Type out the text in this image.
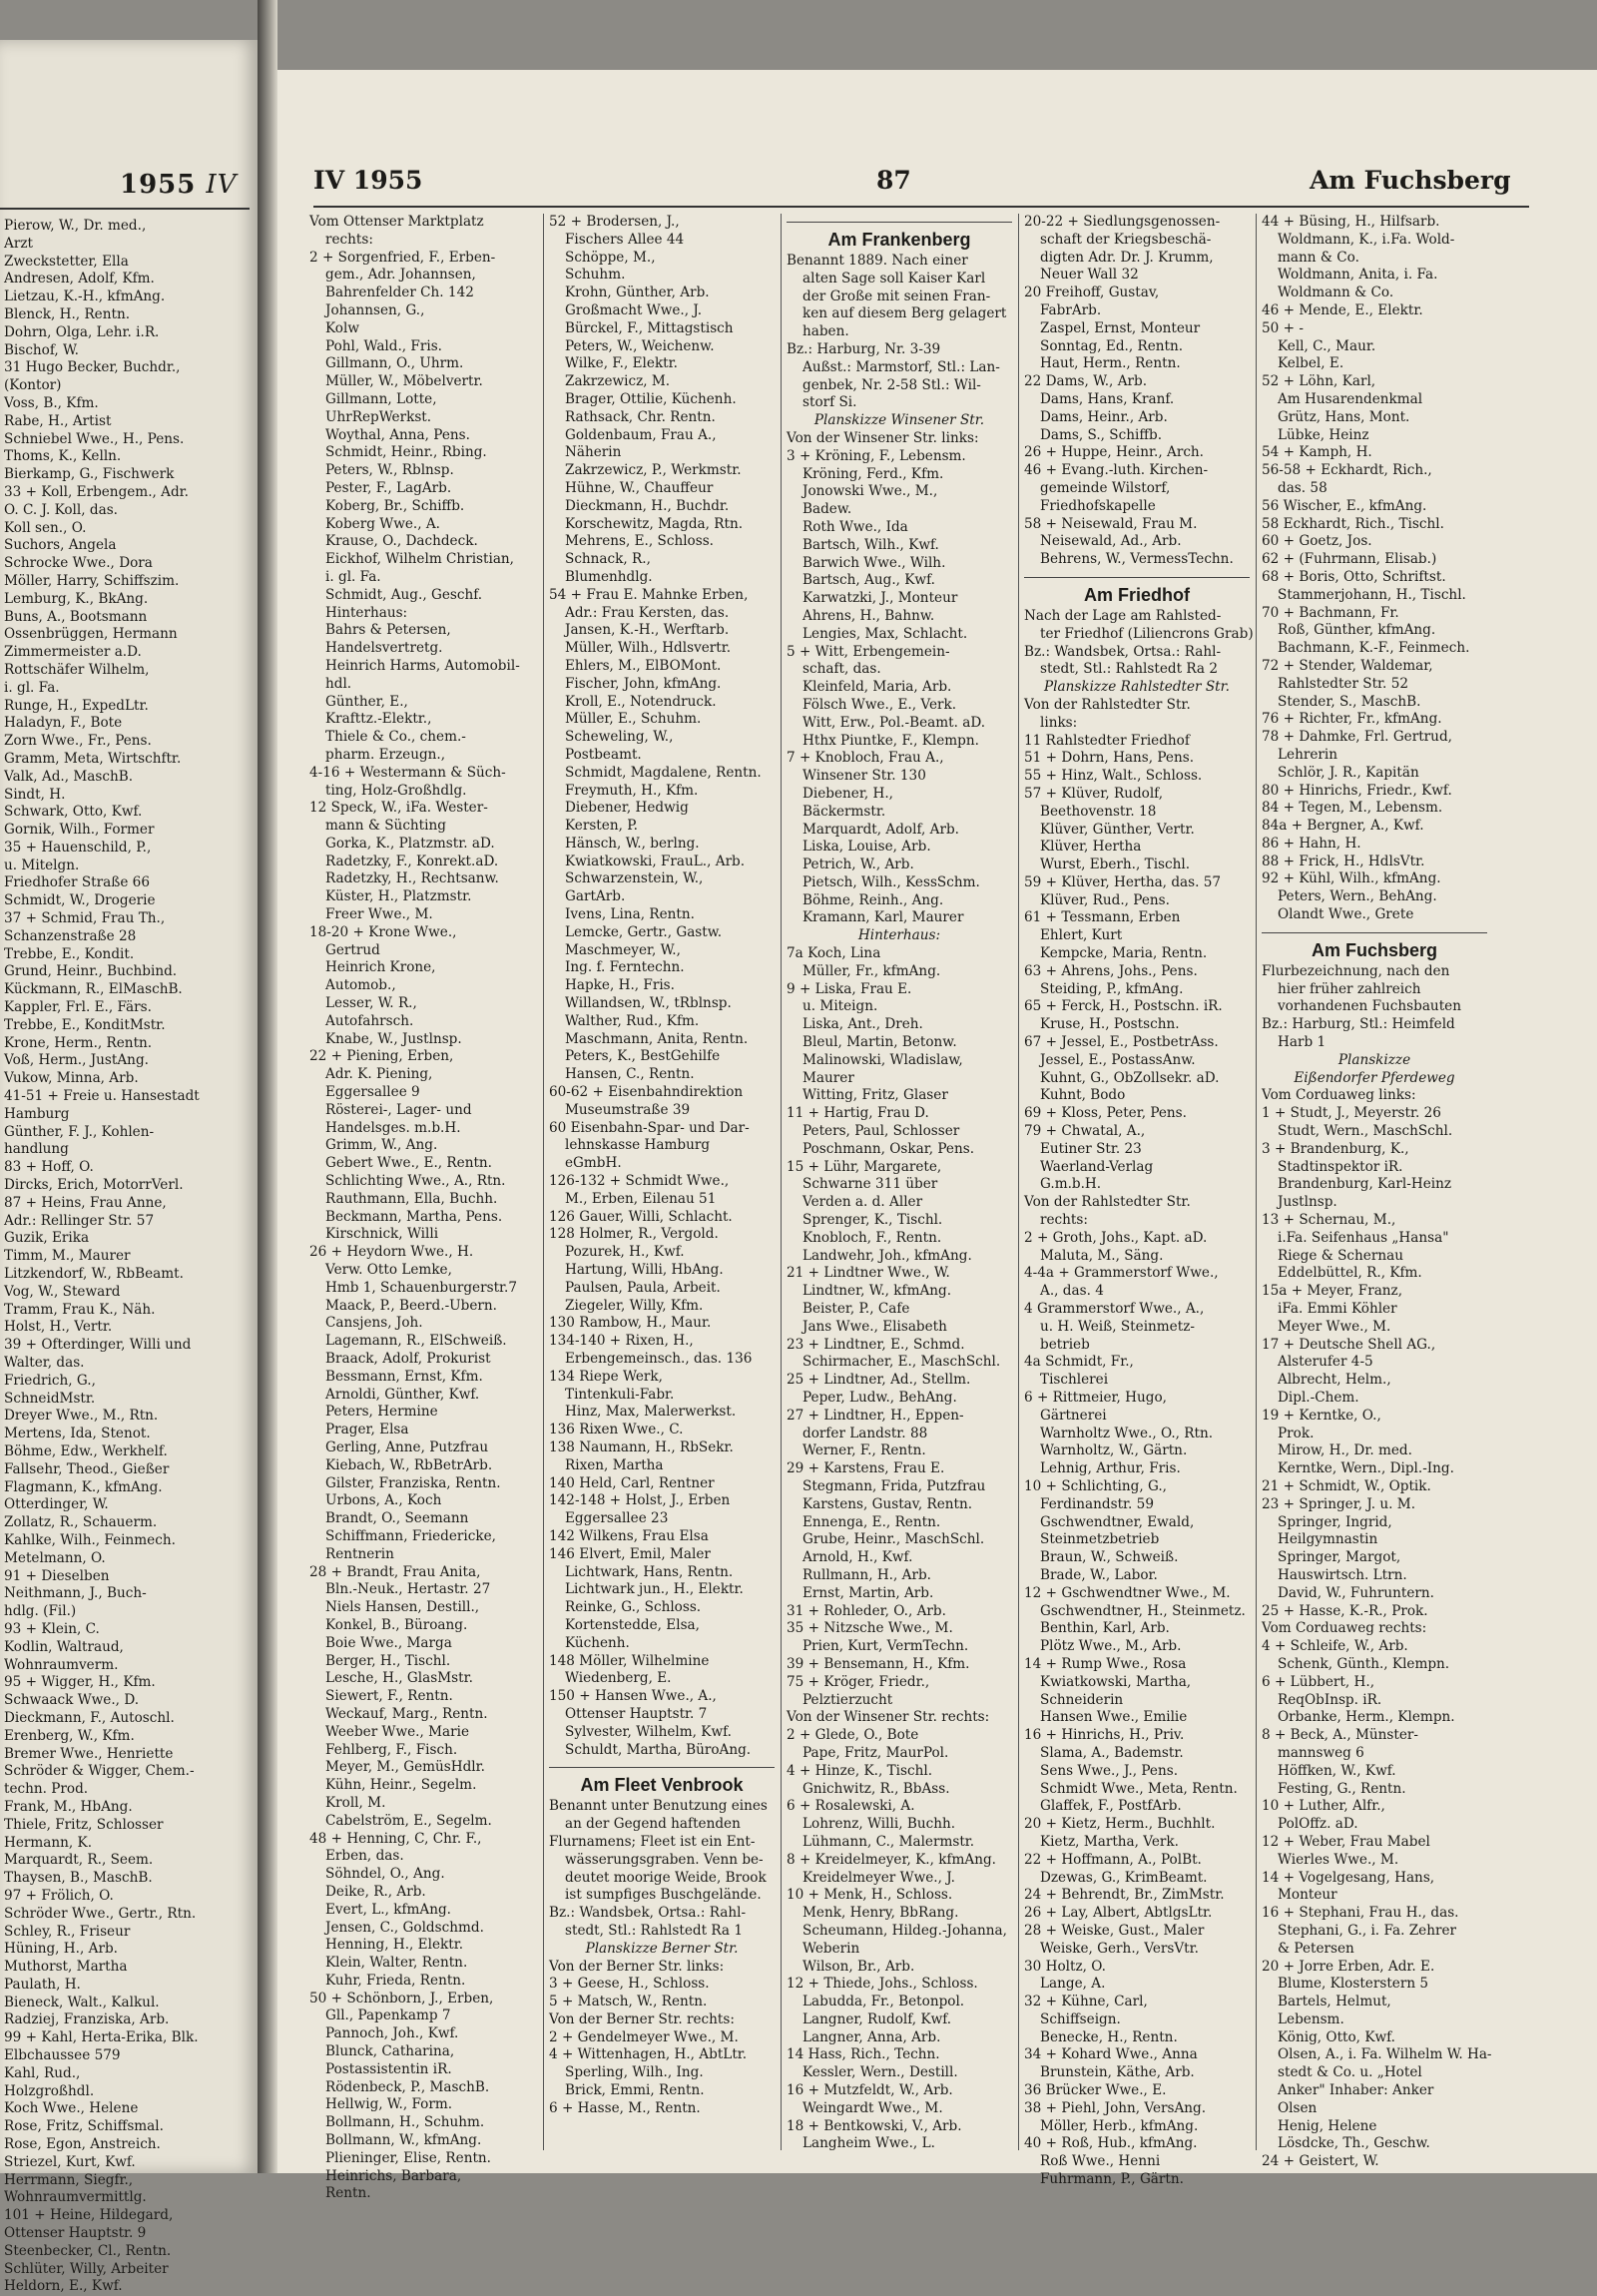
1955 IV
Pierow, W., Dr. med.,
Arzt
Zweckstetter, Ella
Andresen, Adolf, Kfm.
Lietzau, K.-H., kfmAng.
Blenck, H., Rentn.
Dohrn, Olga, Lehr. i.R.
Bischof, W.
31 Hugo Becker, Buchdr.,
(Kontor)
Voss, B., Kfm.
Rabe, H., Artist
Schniebel Wwe., H., Pens.
Thoms, K., Kelln.
Bierkamp, G., Fischwerk
33 + Koll, Erbengem., Adr.
O. C. J. Koll, das.
Koll sen., O.
Suchors, Angela
Schrocke Wwe., Dora
Möller, Harry, Schiffszim.
Lemburg, K., BkAng.
Buns, A., Bootsmann
Ossenbrüggen, Hermann
Zimmermeister a.D.
Rottschäfer Wilhelm,
i. gl. Fa.
Runge, H., ExpedLtr.
Haladyn, F., Bote
Zorn Wwe., Fr., Pens.
Gramm, Meta, Wirtschftr.
Valk, Ad., MaschB.
Sindt, H.
Schwark, Otto, Kwf.
Gornik, Wilh., Former
35 + Hauenschild, P.,
u. Mitelgn.
Friedhofer Straße 66
Schmidt, W., Drogerie
37 + Schmid, Frau Th.,
Schanzenstraße 28
Trebbe, E., Kondit.
Grund, Heinr., Buchbind.
Kückmann, R., ElMaschB.
Kappler, Frl. E., Färs.
Trebbe, E., KonditMstr.
Krone, Herm., Rentn.
Voß, Herm., JustAng.
Vukow, Minna, Arb.
41-51 + Freie u. Hansestadt
Hamburg
Günther, F. J., Kohlen-
handlung
83 + Hoff, O.
Dircks, Erich, MotorrVerl.
87 + Heins, Frau Anne,
Adr.: Rellinger Str. 57
Guzik, Erika
Timm, M., Maurer
Litzkendorf, W., RbBeamt.
Vog, W., Steward
Tramm, Frau K., Näh.
Holst, H., Vertr.
39 + Ofterdinger, Willi und
Walter, das.
Friedrich, G.,
SchneidMstr.
Dreyer Wwe., M., Rtn.
Mertens, Ida, Stenot.
Böhme, Edw., Werkhelf.
Fallsehr, Theod., Gießer
Flagmann, K., kfmAng.
Otterdinger, W.
Zollatz, R., Schauerm.
Kahlke, Wilh., Feinmech.
Metelmann, O.
91 + Dieselben
Neithmann, J., Buch-
hdlg. (Fil.)
93 + Klein, C.
Kodlin, Waltraud,
Wohnraumverm.
95 + Wigger, H., Kfm.
Schwaack Wwe., D.
Dieckmann, F., Autoschl.
Erenberg, W., Kfm.
Bremer Wwe., Henriette
Schröder & Wigger, Chem.-
techn. Prod.
Frank, M., HbAng.
Thiele, Fritz, Schlosser
Hermann, K.
Marquardt, R., Seem.
Thaysen, B., MaschB.
97 + Frölich, O.
Schröder Wwe., Gertr., Rtn.
Schley, R., Friseur
Hüning, H., Arb.
Muthorst, Martha
Paulath, H.
Bieneck, Walt., Kalkul.
Radziej, Franziska, Arb.
99 + Kahl, Herta-Erika, Blk.
Elbchaussee 579
Kahl, Rud.,
Holzgroßhdl.
Koch Wwe., Helene
Rose, Fritz, Schiffsmal.
Rose, Egon, Anstreich.
Striezel, Kurt, Kwf.
Herrmann, Siegfr.,
Wohnraumvermittlg.
101 + Heine, Hildegard,
Ottenser Hauptstr. 9
Steenbecker, Cl., Rentn.
Schlüter, Willy, Arbeiter
Heldorn, E., Kwf.
IV 1955	87	Am Fuchsberg
Vom Ottenser Marktplatz
rechts:
2 + Sorgenfried, F., Erben-
gem., Adr. Johannsen,
Bahrenfelder Ch. 142
Johannsen, G.,
Kolw
Pohl, Wald., Fris.
Gillmann, O., Uhrm.
Müller, W., Möbelvertr.
Gillmann, Lotte,
UhrRepWerkst.
Woythal, Anna, Pens.
Schmidt, Heinr., Rbing.
Peters, W., Rblnsp.
Pester, F., LagArb.
Koberg, Br., Schiffb.
Koberg Wwe., A.
Krause, O., Dachdeck.
Eickhof, Wilhelm Christian,
i. gl. Fa.
Schmidt, Aug., Geschf.
Hinterhaus:
Bahrs & Petersen,
Handelsvertretg.
Heinrich Harms, Automobil-
hdl.
Günther, E.,
Krafttz.-Elektr.,
Thiele & Co., chem.-
pharm. Erzeugn.,
4-16 + Westermann & Süch-
ting, Holz-Großhdlg.
12 Speck, W., iFa. Wester-
mann & Süchting
Gorka, K., Platzmstr. aD.
Radetzky, F., Konrekt.aD.
Radetzky, H., Rechtsanw.
Küster, H., Platzmstr.
Freer Wwe., M.
18-20 + Krone Wwe.,
Gertrud
Heinrich Krone,
Automob.,
Lesser, W. R.,
Autofahrsch.
Knabe, W., Justlnsp.
22 + Piening, Erben,
Adr. K. Piening,
Eggersallee 9
Rösterei-, Lager- und
Handelsges. m.b.H.
Grimm, W., Ang.
Gebert Wwe., E., Rentn.
Schlichting Wwe., A., Rtn.
Rauthmann, Ella, Buchh.
Beckmann, Martha, Pens.
Kirschnick, Willi
26 + Heydorn Wwe., H.
Verw. Otto Lemke,
Hmb 1, Schauenburgerstr.7
Maack, P., Beerd.-Ubern.
Cansjens, Joh.
Lagemann, R., ElSchweiß.
Braack, Adolf, Prokurist
Bessmann, Ernst, Kfm.
Arnoldi, Günther, Kwf.
Peters, Hermine
Prager, Elsa
Gerling, Anne, Putzfrau
Kiebach, W., RbBetrArb.
Gilster, Franziska, Rentn.
Urbons, A., Koch
Brandt, O., Seemann
Schiffmann, Friedericke,
Rentnerin
28 + Brandt, Frau Anita,
Bln.-Neuk., Hertastr. 27
Niels Hansen, Destill.,
Konkel, B., Büroang.
Boie Wwe., Marga
Berger, H., Tischl.
Lesche, H., GlasMstr.
Siewert, F., Rentn.
Weckauf, Marg., Rentn.
Weeber Wwe., Marie
Fehlberg, F., Fisch.
Meyer, M., GemüsHdlr.
Kühn, Heinr., Segelm.
Kroll, M.
Cabelström, E., Segelm.
48 + Henning, C, Chr. F.,
Erben, das.
Söhndel, O., Ang.
Deike, R., Arb.
Evert, L., kfmAng.
Jensen, C., Goldschmd.
Henning, H., Elektr.
Klein, Walter, Rentn.
Kuhr, Frieda, Rentn.
50 + Schönborn, J., Erben,
Gll., Papenkamp 7
Pannoch, Joh., Kwf.
Blunck, Catharina,
Postassistentin iR.
Rödenbeck, P., MaschB.
Hellwig, W., Form.
Bollmann, H., Schuhm.
Bollmann, W., kfmAng.
Plieninger, Elise, Rentn.
Heinrichs, Barbara,
Rentn.
52 + Brodersen, J.,
Fischers Allee 44
Schöppe, M.,
Schuhm.
Krohn, Günther, Arb.
Großmacht Wwe., J.
Bürckel, F., Mittagstisch
Peters, W., Weichenw.
Wilke, F., Elektr.
Zakrzewicz, M.
Brager, Ottilie, Küchenh.
Rathsack, Chr. Rentn.
Goldenbaum, Frau A.,
Näherin
Zakrzewicz, P., Werkmstr.
Hühne, W., Chauffeur
Dieckmann, H., Buchdr.
Korschewitz, Magda, Rtn.
Mehrens, E., Schloss.
Schnack, R.,
Blumenhdlg.
54 + Frau E. Mahnke Erben,
Adr.: Frau Kersten, das.
Jansen, K.-H., Werftarb.
Müller, Wilh., Hdlsvertr.
Ehlers, M., ElBOMont.
Fischer, John, kfmAng.
Kroll, E., Notendruck.
Müller, E., Schuhm.
Scheweling, W.,
Postbeamt.
Schmidt, Magdalene, Rentn.
Freymuth, H., Kfm.
Diebener, Hedwig
Kersten, P.
Hänsch, W., berlng.
Kwiatkowski, FrauL., Arb.
Schwarzenstein, W.,
GartArb.
Ivens, Lina, Rentn.
Lemcke, Gertr., Gastw.
Maschmeyer, W.,
Ing. f. Ferntechn.
Hapke, H., Fris.
Willandsen, W., tRblnsp.
Walther, Rud., Kfm.
Maschmann, Anita, Rentn.
Peters, K., BestGehilfe
Hansen, C., Rentn.
60-62 + Eisenbahndirektion
Museumstraße 39
60 Eisenbahn-Spar- und Dar-
lehnskasse Hamburg
eGmbH.
126-132 + Schmidt Wwe.,
M., Erben, Eilenau 51
126 Gauer, Willi, Schlacht.
128 Holmer, R., Vergold.
Pozurek, H., Kwf.
Hartung, Willi, HbAng.
Paulsen, Paula, Arbeit.
Ziegeler, Willy, Kfm.
130 Rambow, H., Maur.
134-140 + Rixen, H.,
Erbengemeinsch., das. 136
134 Riepe Werk,
Tintenkuli-Fabr.
Hinz, Max, Malerwerkst.
136 Rixen Wwe., C.
138 Naumann, H., RbSekr.
Rixen, Martha
140 Held, Carl, Rentner
142-148 + Holst, J., Erben
Eggersallee 23
142 Wilkens, Frau Elsa
146 Elvert, Emil, Maler
Lichtwark, Hans, Rentn.
Lichtwark jun., H., Elektr.
Reinke, G., Schloss.
Kortenstedde, Elsa,
Küchenh.
148 Möller, Wilhelmine
Wiedenberg, E.
150 + Hansen Wwe., A.,
Ottenser Hauptstr. 7
Sylvester, Wilhelm, Kwf.
Schuldt, Martha, BüroAng.
Am Fleet Venbrook
Benannt unter Benutzung eines
an der Gegend haftenden
Flurnamens; Fleet ist ein Ent-
wässerungsgraben. Venn be-
deutet moorige Weide, Brook
ist sumpfiges Buschgelände.
Bz.: Wandsbek, Ortsa.: Rahl-
stedt, Stl.: Rahlstedt Ra 1
Planskizze Berner Str.
Von der Berner Str. links:
3 + Geese, H., Schloss.
5 + Matsch, W., Rentn.
Von der Berner Str. rechts:
2 + Gendelmeyer Wwe., M.
4 + Wittenhagen, H., AbtLtr.
Sperling, Wilh., Ing.
Brick, Emmi, Rentn.
6 + Hasse, M., Rentn.
Am Frankenberg
Benannt 1889. Nach einer
alten Sage soll Kaiser Karl
der Große mit seinen Fran-
ken auf diesem Berg gelagert
haben.
Bz.: Harburg, Nr. 3-39
Außst.: Marmstorf, Stl.: Lan-
genbek, Nr. 2-58 Stl.: Wil-
storf Si.
Planskizze Winsener Str.
Von der Winsener Str. links:
3 + Kröning, F., Lebensm.
Kröning, Ferd., Kfm.
Jonowski Wwe., M.,
Badew.
Roth Wwe., Ida
Bartsch, Wilh., Kwf.
Barwich Wwe., Wilh.
Bartsch, Aug., Kwf.
Karwatzki, J., Monteur
Ahrens, H., Bahnw.
Lengies, Max, Schlacht.
5 + Witt, Erbengemein-
schaft, das.
Kleinfeld, Maria, Arb.
Fölsch Wwe., E., Verk.
Witt, Erw., Pol.-Beamt. aD.
Hthx Piuntke, F., Klempn.
7 + Knobloch, Frau A.,
Winsener Str. 130
Diebener, H.,
Bäckermstr.
Marquardt, Adolf, Arb.
Liska, Louise, Arb.
Petrich, W., Arb.
Pietsch, Wilh., KessSchm.
Böhme, Reinh., Ang.
Kramann, Karl, Maurer
Hinterhaus:
7a Koch, Lina
Müller, Fr., kfmAng.
9 + Liska, Frau E.
u. Miteign.
Liska, Ant., Dreh.
Bleul, Martin, Betonw.
Malinowski, Wladislaw,
Maurer
Witting, Fritz, Glaser
11 + Hartig, Frau D.
Peters, Paul, Schlosser
Poschmann, Oskar, Pens.
15 + Lühr, Margarete,
Schwarne 311 über
Verden a. d. Aller
Sprenger, K., Tischl.
Knobloch, F., Rentn.
Landwehr, Joh., kfmAng.
21 + Lindtner Wwe., W.
Lindtner, W., kfmAng.
Beister, P., Cafe
Jans Wwe., Elisabeth
23 + Lindtner, E., Schmd.
Schirmacher, E., MaschSchl.
25 + Lindtner, Ad., Stellm.
Peper, Ludw., BehAng.
27 + Lindtner, H., Eppen-
dorfer Landstr. 88
Werner, F., Rentn.
29 + Karstens, Frau E.
Stegmann, Frida, Putzfrau
Karstens, Gustav, Rentn.
Ennenga, E., Rentn.
Grube, Heinr., MaschSchl.
Arnold, H., Kwf.
Rullmann, H., Arb.
Ernst, Martin, Arb.
31 + Rohleder, O., Arb.
35 + Nitzsche Wwe., M.
Prien, Kurt, VermTechn.
39 + Bensemann, H., Kfm.
75 + Kröger, Friedr.,
Pelztierzucht
Von der Winsener Str. rechts:
2 + Glede, O., Bote
Pape, Fritz, MaurPol.
4 + Hinze, K., Tischl.
Gnichwitz, R., BbAss.
6 + Rosalewski, A.
Lohrenz, Willi, Buchh.
Lühmann, C., Malermstr.
8 + Kreidelmeyer, K., kfmAng.
Kreidelmeyer Wwe., J.
10 + Menk, H., Schloss.
Menk, Henry, BbRang.
Scheumann, Hildeg.-Johanna,
Weberin
Wilson, Br., Arb.
12 + Thiede, Johs., Schloss.
Labudda, Fr., Betonpol.
Langner, Rudolf, Kwf.
Langner, Anna, Arb.
14 Hass, Rich., Techn.
Kessler, Wern., Destill.
16 + Mutzfeldt, W., Arb.
Weingardt Wwe., M.
18 + Bentkowski, V., Arb.
Langheim Wwe., L.
20-22 + Siedlungsgenossen-
schaft der Kriegsbeschä-
digten Adr. Dr. J. Krumm,
Neuer Wall 32
20 Freihoff, Gustav,
FabrArb.
Zaspel, Ernst, Monteur
Sonntag, Ed., Rentn.
Haut, Herm., Rentn.
22 Dams, W., Arb.
Dams, Hans, Kranf.
Dams, Heinr., Arb.
Dams, S., Schiffb.
26 + Huppe, Heinr., Arch.
46 + Evang.-luth. Kirchen-
gemeinde Wilstorf,
Friedhofskapelle
58 + Neisewald, Frau M.
Neisewald, Ad., Arb.
Behrens, W., VermessTechn.
Am Friedhof
Nach der Lage am Rahlsted-
ter Friedhof (Liliencrons Grab)
Bz.: Wandsbek, Ortsa.: Rahl-
stedt, Stl.: Rahlstedt Ra 2
Planskizze Rahlstedter Str.
Von der Rahlstedter Str.
links:
11 Rahlstedter Friedhof
51 + Dohrn, Hans, Pens.
55 + Hinz, Walt., Schloss.
57 + Klüver, Rudolf,
Beethovenstr. 18
Klüver, Günther, Vertr.
Klüver, Hertha
Wurst, Eberh., Tischl.
59 + Klüver, Hertha, das. 57
Klüver, Rud., Pens.
61 + Tessmann, Erben
Ehlert, Kurt
Kempcke, Maria, Rentn.
63 + Ahrens, Johs., Pens.
Steiding, P., kfmAng.
65 + Ferck, H., Postschn. iR.
Kruse, H., Postschn.
67 + Jessel, E., PostbetrAss.
Jessel, E., PostassAnw.
Kuhnt, G., ObZollsekr. aD.
Kuhnt, Bodo
69 + Kloss, Peter, Pens.
79 + Chwatal, A.,
Eutiner Str. 23
Waerland-Verlag
G.m.b.H.
Von der Rahlstedter Str.
rechts:
2 + Groth, Johs., Kapt. aD.
Maluta, M., Säng.
4-4a + Grammerstorf Wwe.,
A., das. 4
4 Grammerstorf Wwe., A.,
u. H. Weiß, Steinmetz-
betrieb
4a Schmidt, Fr.,
Tischlerei
6 + Rittmeier, Hugo,
Gärtnerei
Warnholtz Wwe., O., Rtn.
Warnholtz, W., Gärtn.
Lehnig, Arthur, Fris.
10 + Schlichting, G.,
Ferdinandstr. 59
Gschwendtner, Ewald,
Steinmetzbetrieb
Braun, W., Schweiß.
Brade, W., Labor.
12 + Gschwendtner Wwe., M.
Gschwendtner, H., Steinmetz.
Benthin, Karl, Arb.
Plötz Wwe., M., Arb.
14 + Rump Wwe., Rosa
Kwiatkowski, Martha,
Schneiderin
Hansen Wwe., Emilie
16 + Hinrichs, H., Priv.
Slama, A., Bademstr.
Sens Wwe., J., Pens.
Schmidt Wwe., Meta, Rentn.
Glaffek, F., PostfArb.
20 + Kietz, Herm., Buchhlt.
Kietz, Martha, Verk.
22 + Hoffmann, A., PolBt.
Dzewas, G., KrimBeamt.
24 + Behrendt, Br., ZimMstr.
26 + Lay, Albert, AbtlgsLtr.
28 + Weiske, Gust., Maler
Weiske, Gerh., VersVtr.
30 Holtz, O.
Lange, A.
32 + Kühne, Carl,
Schiffseign.
Benecke, H., Rentn.
34 + Kohard Wwe., Anna
Brunstein, Käthe, Arb.
36 Brücker Wwe., E.
38 + Piehl, John, VersAng.
Möller, Herb., kfmAng.
40 + Roß, Hub., kfmAng.
Roß Wwe., Henni
Fuhrmann, P., Gärtn.
44 + Büsing, H., Hilfsarb.
Woldmann, K., i.Fa. Wold-
mann & Co.
Woldmann, Anita, i. Fa.
Woldmann & Co.
46 + Mende, E., Elektr.
50 + -
Kell, C., Maur.
Kelbel, E.
52 + Löhn, Karl,
Am Husarendenkmal
Grütz, Hans, Mont.
Lübke, Heinz
54 + Kamph, H.
56-58 + Eckhardt, Rich.,
das. 58
56 Wischer, E., kfmAng.
58 Eckhardt, Rich., Tischl.
60 + Goetz, Jos.
62 + (Fuhrmann, Elisab.)
68 + Boris, Otto, Schriftst.
Stammerjohann, H., Tischl.
70 + Bachmann, Fr.
Roß, Günther, kfmAng.
Bachmann, K.-F., Feinmech.
72 + Stender, Waldemar,
Rahlstedter Str. 52
Stender, S., MaschB.
76 + Richter, Fr., kfmAng.
78 + Dahmke, Frl. Gertrud,
Lehrerin
Schlör, J. R., Kapitän
80 + Hinrichs, Friedr., Kwf.
84 + Tegen, M., Lebensm.
84a + Bergner, A., Kwf.
86 + Hahn, H.
88 + Frick, H., HdlsVtr.
92 + Kühl, Wilh., kfmAng.
Peters, Wern., BehAng.
Olandt Wwe., Grete
Am Fuchsberg
Flurbezeichnung, nach den
hier früher zahlreich
vorhandenen Fuchsbauten
Bz.: Harburg, Stl.: Heimfeld
Harb 1
Planskizze
Eißendorfer Pferdeweg
Vom Corduaweg links:
1 + Studt, J., Meyerstr. 26
Studt, Wern., MaschSchl.
3 + Brandenburg, K.,
Stadtinspektor iR.
Brandenburg, Karl-Heinz
Justlnsp.
13 + Schernau, M.,
i.Fa. Seifenhaus „Hansa"
Riege & Schernau
Eddelbüttel, R., Kfm.
15a + Meyer, Franz,
iFa. Emmi Köhler
Meyer Wwe., M.
17 + Deutsche Shell AG.,
Alsterufer 4-5
Albrecht, Helm.,
Dipl.-Chem.
19 + Kerntke, O.,
Prok.
Mirow, H., Dr. med.
Kerntke, Wern., Dipl.-Ing.
21 + Schmidt, W., Optik.
23 + Springer, J. u. M.
Springer, Ingrid,
Heilgymnastin
Springer, Margot,
Hauswirtsch. Ltrn.
David, W., Fuhruntern.
25 + Hasse, K.-R., Prok.
Vom Corduaweg rechts:
4 + Schleife, W., Arb.
Schenk, Günth., Klempn.
6 + Lübbert, H.,
ReqObInsp. iR.
Orbanke, Herm., Klempn.
8 + Beck, A., Münster-
mannsweg 6
Höffken, W., Kwf.
Festing, G., Rentn.
10 + Luther, Alfr.,
PolOffz. aD.
12 + Weber, Frau Mabel
Wierles Wwe., M.
14 + Vogelgesang, Hans,
Monteur
16 + Stephani, Frau H., das.
Stephani, G., i. Fa. Zehrer
& Petersen
20 + Jorre Erben, Adr. E.
Blume, Klosterstern 5
Bartels, Helmut,
Lebensm.
König, Otto, Kwf.
Olsen, A., i. Fa. Wilhelm W. Ha-
stedt & Co. u. „Hotel
Anker" Inhaber: Anker
Olsen
Henig, Helene
Lösdcke, Th., Geschw.
24 + Geistert, W.
